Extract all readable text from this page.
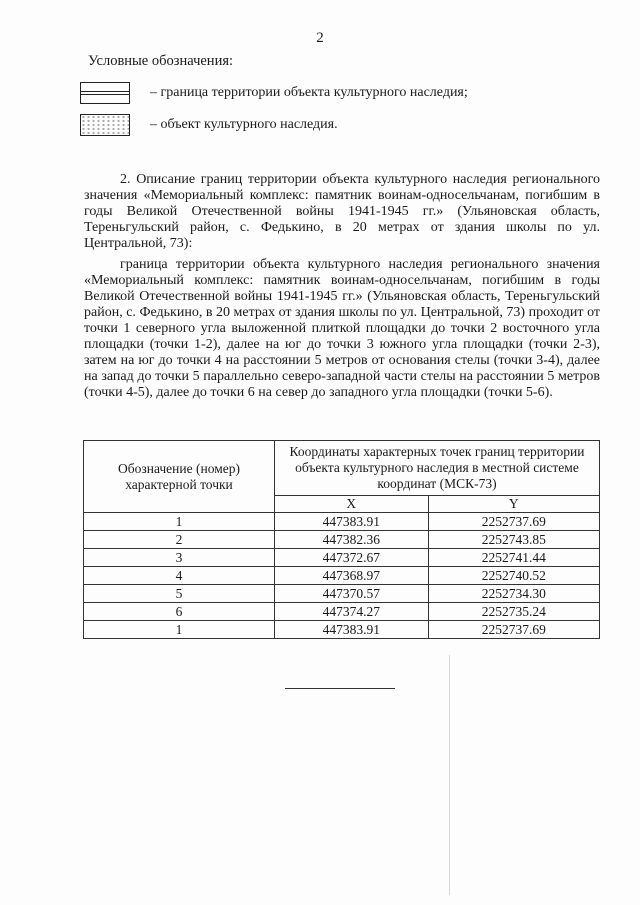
2
Условные обозначения:
– граница территории объекта культурного наследия;
– объект культурного наследия.

2. Описание границ территории объекта культурного наследия регионального значения «Мемориальный комплекс: памятник воинам-односельчанам, погибшим в годы Великой Отечественной войны 1941-1945 гг.» (Ульяновская область, Тереньгульский район, с. Федькино, в 20 метрах от здания школы по ул. Центральной, 73):

граница территории объекта культурного наследия регионального значения «Мемориальный комплекс: памятник воинам-односельчанам, погибшим в годы Великой Отечественной войны 1941-1945 гг.» (Ульяновская область, Тереньгульский район, с. Федькино, в 20 метрах от здания школы по ул. Центральной, 73) проходит от точки 1 северного угла выложенной плиткой площадки до точки 2 восточного угла площадки (точки 1-2), далее на юг до точки 3 южного угла площадки (точки 2-3), затем на юг до точки 4 на расстоянии 5 метров от основания стелы (точки 3-4), далее на запад до точки 5 параллельно северо-западной части стелы на расстоянии 5 метров (точки 4-5), далее до точки 6 на север до западного угла площадки (точки 5-6).

Обозначение (номер) характерной точки	Координаты характерных точек границ территории объекта культурного наследия в местной системе координат (МСК-73)	
	X	Y
1	447383.91	2252737.69
2	447382.36	2252743.85
3	447372.67	2252741.44
4	447368.97	2252740.52
5	447370.57	2252734.30
6	447374.27	2252735.24
1	447383.91	2252737.69
